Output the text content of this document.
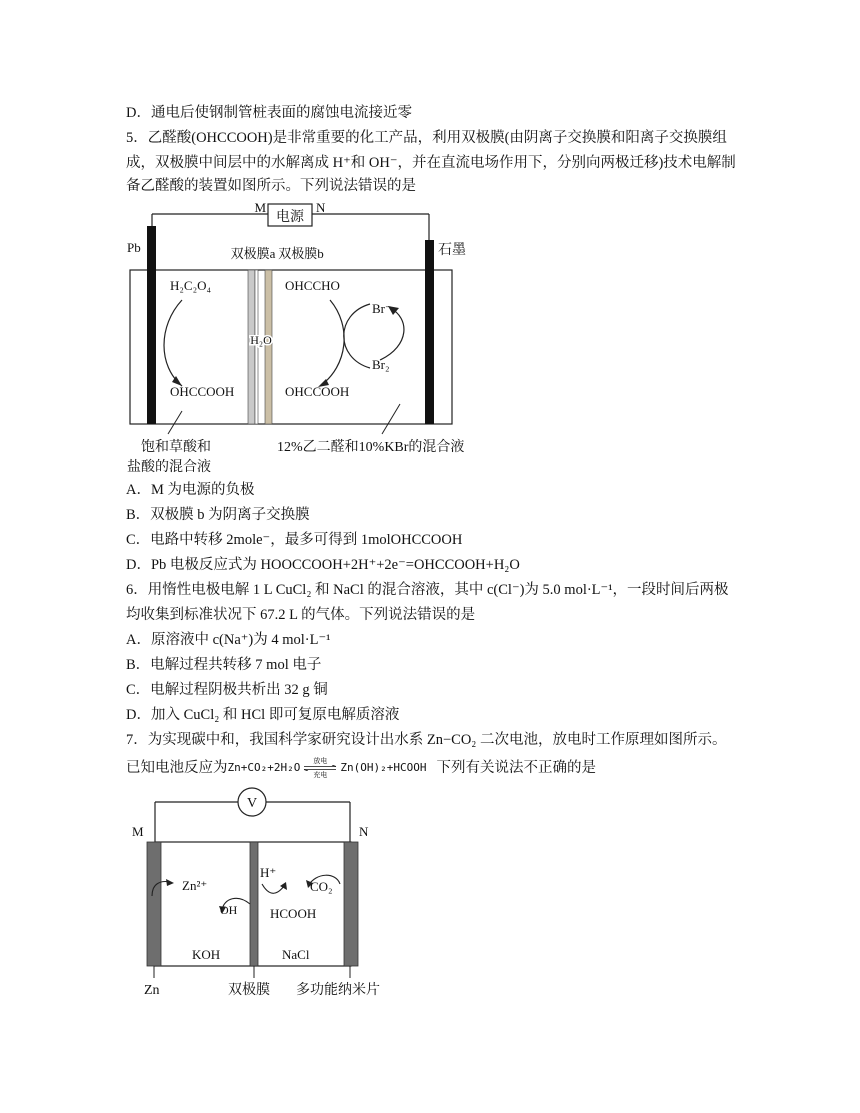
D．通电后使钢制管桩表面的腐蚀电流接近零
5．乙醛酸(OHCCOOH)是非常重要的化工产品，利用双极膜(由阴离子交换膜和阳离子交换膜组
成，双极膜中间层中的水解离成 H⁺和 OH⁻，并在直流电场作用下，分别向两极迁移)技术电解制
备乙醛酸的装置如图所示。下列说法错误的是
电源
M	N
Pb	石墨
双极膜a 双极膜b
H₂O
H₂C₂O₄
OHCCOOH
OHCCHO
OHCCOOH
Br⁻
Br₂
饱和草酸和
盐酸的混合液
12%乙二醛和10%KBr的混合液
A．M 为电源的负极
B．双极膜 b 为阴离子交换膜
C．电路中转移 2mole⁻，最多可得到 1molOHCCOOH
D．Pb 电极反应式为 HOOCCOOH+2H⁺+2e⁻=OHCCOOH+H₂O
6．用惰性电极电解 1 L CuCl₂ 和 NaCl 的混合溶液，其中 c(Cl⁻)为 5.0 mol·L⁻¹，一段时间后两极
均收集到标准状况下 67.2 L 的气体。下列说法错误的是
A．原溶液中 c(Na⁺)为 4 mol·L⁻¹
B．电解过程共转移 7 mol 电子
C．电解过程阴极共析出 32 g 铜
D．加入 CuCl₂ 和 HCl 即可复原电解质溶液
7．为实现碳中和，我国科学家研究设计出水系 Zn−CO₂ 二次电池，放电时工作原理如图所示。
已知电池反应为 Zn+CO₂+2H₂O 放电
充电
Zn(OH)₂+HCOOH 下列有关说法不正确的是
V
M	N
Zn²⁺
OH
KOH
H⁺
CO₂
HCOOH
NaCl
Zn	双极膜 多功能纳米片
